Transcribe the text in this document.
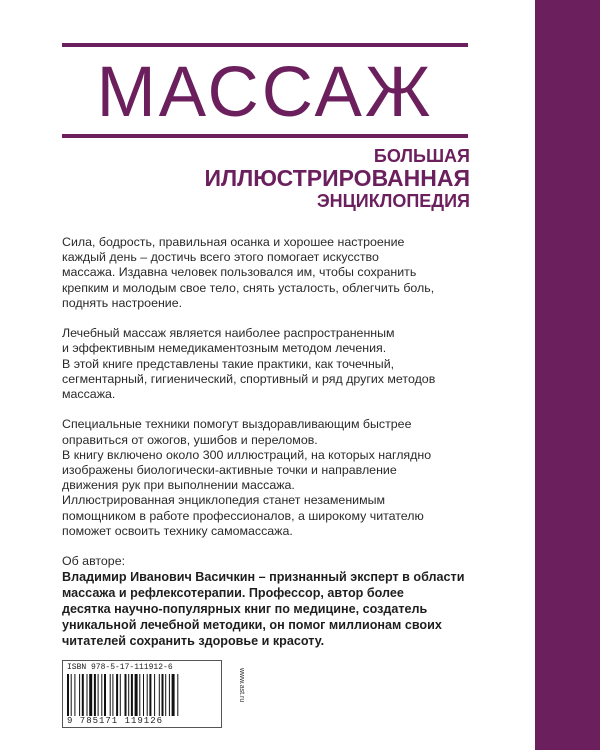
МАССАЖ
БОЛЬШАЯ
ИЛЛЮСТРИРОВАННАЯ
ЭНЦИКЛОПЕДИЯ

Сила, бодрость, правильная осанка и хорошее настроение
каждый день – достичь всего этого помогает искусство
массажа. Издавна человек пользовался им, чтобы сохранить
крепким и молодым свое тело, снять усталость, облегчить боль,
поднять настроение.

Лечебный массаж является наиболее распространенным
и эффективным немедикаментозным методом лечения.
В этой книге представлены такие практики, как точечный,
сегментарный, гигиенический, спортивный и ряд других методов
массажа.

Специальные техники помогут выздоравливающим быстрее
оправиться от ожогов, ушибов и переломов.
В книгу включено около 300 иллюстраций, на которых наглядно
изображены биологически-активные точки и направление
движения рук при выполнении массажа.
Иллюстрированная энциклопедия станет незаменимым
помощником в работе профессионалов, а широкому читателю
поможет освоить технику самомассажа.

Об авторе:
Владимир Иванович Васичкин – признанный эксперт в области
массажа и рефлексотерапии. Профессор, автор более
десятка научно-популярных книг по медицине, создатель
уникальной лечебной методики, он помог миллионам своих
читателей сохранить здоровье и красоту.
ISBN 978-5-17-111912-6
9 785171 119126
www.ast.ru
